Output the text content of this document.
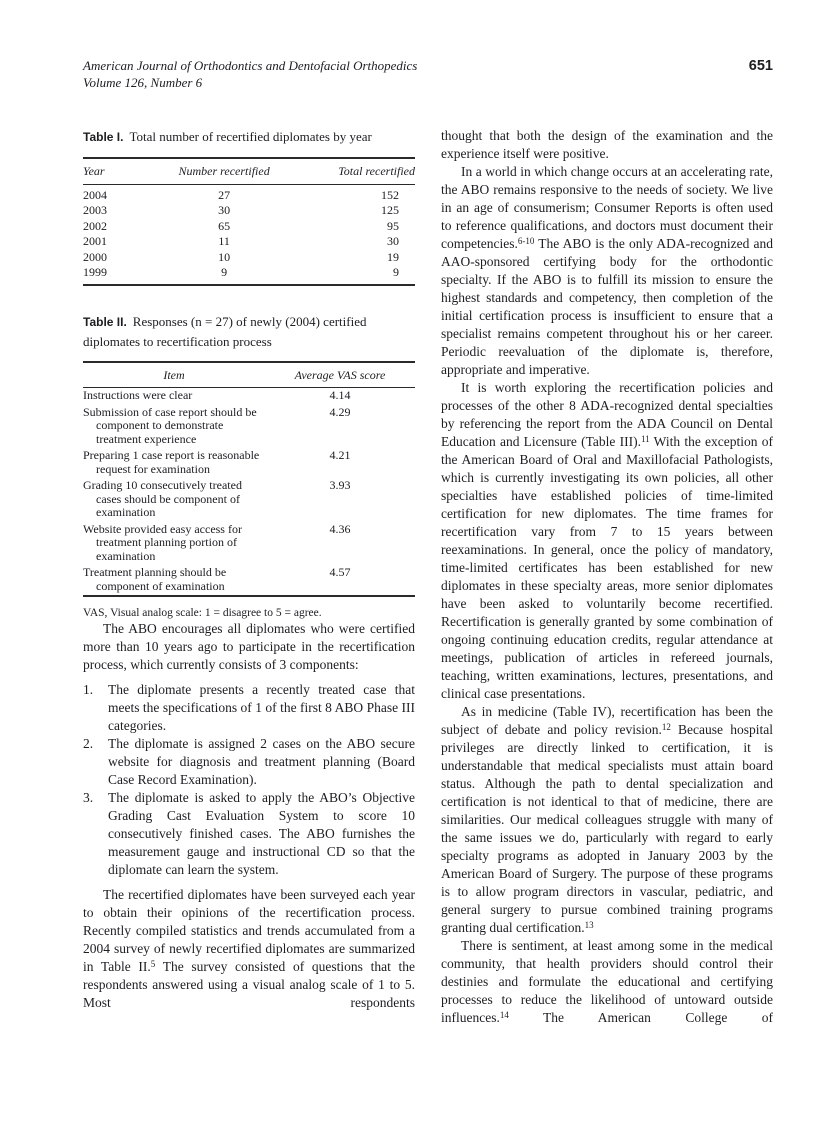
American Journal of Orthodontics and Dentofacial Orthopedics
Volume 126, Number 6
651

Table I. Total number of recertified diplomates by year

Year	Number recertified	Total recertified
2004	27	152
2003	30	125
2002	65	95
2001	11	30
2000	10	19
1999	9	9

Table II. Responses (n = 27) of newly (2004) certified diplomates to recertification process

Item	Average VAS score
Instructions were clear	4.14
Submission of case report should be component to demonstrate treatment experience	4.29
Preparing 1 case report is reasonable request for examination	4.21
Grading 10 consecutively treated cases should be component of examination	3.93
Website provided easy access for treatment planning portion of examination	4.36
Treatment planning should be component of examination	4.57

VAS, Visual analog scale: 1 = disagree to 5 = agree.

The ABO encourages all diplomates who were certified more than 10 years ago to participate in the recertification process, which currently consists of 3 components:

1.	The diplomate presents a recently treated case that meets the specifications of 1 of the first 8 ABO Phase III categories.
2.	The diplomate is assigned 2 cases on the ABO secure website for diagnosis and treatment planning (Board Case Record Examination).
3.	The diplomate is asked to apply the ABO’s Objective Grading Cast Evaluation System to score 10 consecutively finished cases. The ABO furnishes the measurement gauge and instructional CD so that the diplomate can learn the system.

The recertified diplomates have been surveyed each year to obtain their opinions of the recertification process. Recently compiled statistics and trends accumulated from a 2004 survey of newly recertified diplomates are summarized in Table II.$^5$ The survey consisted of questions that the respondents answered using a visual analog scale of 1 to 5. Most respondents

thought that both the design of the examination and the experience itself were positive.

In a world in which change occurs at an accelerating rate, the ABO remains responsive to the needs of society. We live in an age of consumerism; Consumer Reports is often used to reference qualifications, and doctors must document their competencies.$^{6-10}$ The ABO is the only ADA-recognized and AAO-sponsored certifying body for the orthodontic specialty. If the ABO is to fulfill its mission to ensure the highest standards and competency, then completion of the initial certification process is insufficient to ensure that a specialist remains competent throughout his or her career. Periodic reevaluation of the diplomate is, therefore, appropriate and imperative.

It is worth exploring the recertification policies and processes of the other 8 ADA-recognized dental specialties by referencing the report from the ADA Council on Dental Education and Licensure (Table III).$^{11}$ With the exception of the American Board of Oral and Maxillofacial Pathologists, which is currently investigating its own policies, all other specialties have established policies of time-limited certification for new diplomates. The time frames for recertification vary from 7 to 15 years between reexaminations. In general, once the policy of mandatory, time-limited certificates has been established for new diplomates in these specialty areas, more senior diplomates have been asked to voluntarily become recertified. Recertification is generally granted by some combination of ongoing continuing education credits, regular attendance at meetings, publication of articles in refereed journals, teaching, written examinations, lectures, presentations, and clinical case presentations.

As in medicine (Table IV), recertification has been the subject of debate and policy revision.$^{12}$ Because hospital privileges are directly linked to certification, it is understandable that medical specialists must attain board status. Although the path to dental specialization and certification is not identical to that of medicine, there are similarities. Our medical colleagues struggle with many of the same issues we do, particularly with regard to early specialty programs as adopted in January 2003 by the American Board of Surgery. The purpose of these programs is to allow program directors in vascular, pediatric, and general surgery to pursue combined training programs granting dual certification.$^{13}$

There is sentiment, at least among some in the medical community, that health providers should control their destinies and formulate the educational and certifying processes to reduce the likelihood of untoward outside influences.$^{14}$ The American College of
